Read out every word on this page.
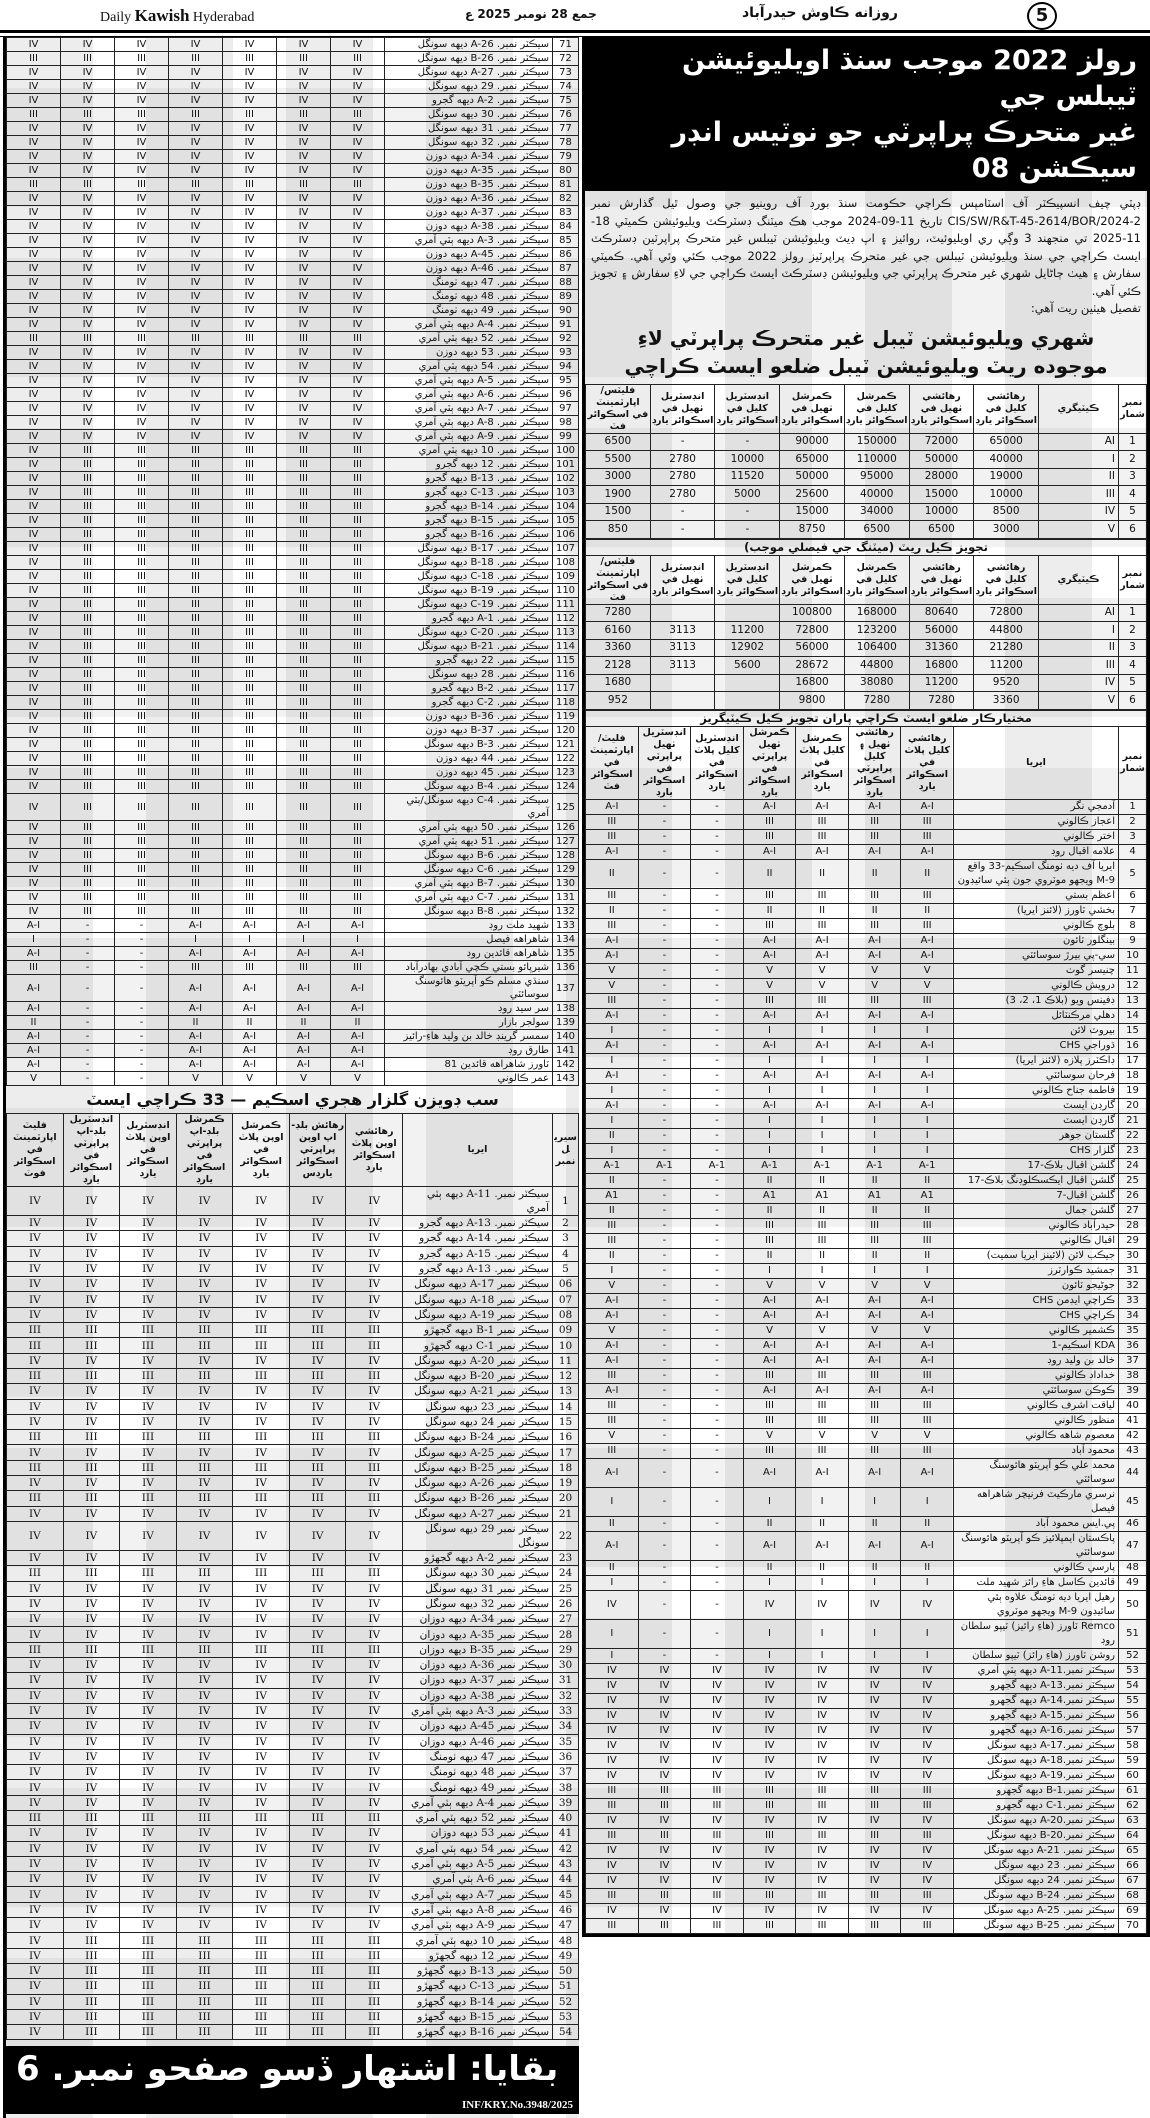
Daily Kawish Hyderabad	جمع 28 نومبر 2025 ع	روزانه ڪاوش حيدرآباد	5
71	سيڪٽر نمبر. A-26 ديهه سونگل	IV	IV	IV	IV	IV	IV	IV
72	سيڪٽر نمبر. B-26 ديهه سونگل	III	III	III	III	III	III	III
73	سيڪٽر نمبر. A-27 ديهه سونگل	IV	IV	IV	IV	IV	IV	IV
74	سيڪٽر نمبر. 29 ديهه سونگل	IV	IV	IV	IV	IV	IV	IV
75	سيڪٽر نمبر. A-2 ديهه گجرو	IV	IV	IV	IV	IV	IV	IV
76	سيڪٽر نمبر. 30 ديهه سونگل	III	III	III	III	III	III	III
77	سيڪٽر نمبر. 31 ديهه سونگل	IV	IV	IV	IV	IV	IV	IV
78	سيڪٽر نمبر. 32 ديهه سونگل	IV	IV	IV	IV	IV	IV	IV
79	سيڪٽر نمبر. A-34 ديهه دوزن	IV	IV	IV	IV	IV	IV	IV
80	سيڪٽر نمبر. A-35 ديهه دوزن	IV	IV	IV	IV	IV	IV	IV
81	سيڪٽر نمبر. B-35 ديهه دوزن	III	III	III	III	III	III	III
82	سيڪٽر نمبر. A-36 ديهه دوزن	IV	IV	IV	IV	IV	IV	IV
83	سيڪٽر نمبر. A-37 ديهه دوزن	IV	IV	IV	IV	IV	IV	IV
84	سيڪٽر نمبر. A-38 ديهه دوزن	IV	IV	IV	IV	IV	IV	IV
85	سيڪٽر نمبر. A-3 ديهه ٻٽي آمري	IV	IV	IV	IV	IV	IV	IV
86	سيڪٽر نمبر. A-45 ديهه دوزن	IV	IV	IV	IV	IV	IV	IV
87	سيڪٽر نمبر. A-46 ديهه دوزن	IV	IV	IV	IV	IV	IV	IV
88	سيڪٽر نمبر. 47 ديهه ٺومنگ	IV	IV	IV	IV	IV	IV	IV
89	سيڪٽر نمبر. 48 ديهه ٺومنگ	IV	IV	IV	IV	IV	IV	IV
90	سيڪٽر نمبر. 49 ديهه ٺومنگ	IV	IV	IV	IV	IV	IV	IV
91	سيڪٽر نمبر. A-4 ديهه ٻٽي آمري	IV	IV	IV	IV	IV	IV	IV
92	سيڪٽر نمبر. 52 ديهه ٻٽي آمري	III	III	III	III	III	III	III
93	سيڪٽر نمبر. 53 ديهه دوزن	IV	IV	IV	IV	IV	IV	IV
94	سيڪٽر نمبر. 54 ديهه ٻٽي آمري	IV	IV	IV	IV	IV	IV	IV
95	سيڪٽر نمبر. A-5 ديهه ٻٽي آمري	IV	IV	IV	IV	IV	IV	IV
96	سيڪٽر نمبر. A-6 ديهه ٻٽي آمري	IV	IV	IV	IV	IV	IV	IV
97	سيڪٽر نمبر. A-7 ديهه ٻٽي آمري	IV	IV	IV	IV	IV	IV	IV
98	سيڪٽر نمبر. A-8 ديهه ٻٽي آمري	IV	IV	IV	IV	IV	IV	IV
99	سيڪٽر نمبر. A-9 ديهه ٻٽي آمري	IV	IV	IV	IV	IV	IV	IV
100	سيڪٽر نمبر. 10 ديهه ٻٽي آمري	III	III	III	III	III	III	IV
101	سيڪٽر نمبر. 12 ديهه گجرو	III	III	III	III	III	III	IV
102	سيڪٽر نمبر. B-13 ديهه گجرو	III	III	III	III	III	III	IV
103	سيڪٽر نمبر. C-13 ديهه گجرو	III	III	III	III	III	III	IV
104	سيڪٽر نمبر. B-14 ديهه گجرو	III	III	III	III	III	III	IV
105	سيڪٽر نمبر. B-15 ديهه گجرو	III	III	III	III	III	III	IV
106	سيڪٽر نمبر. B-16 ديهه گجرو	III	III	III	III	III	III	IV
107	سيڪٽر نمبر. B-17 ديهه سونگل	III	III	III	III	III	III	IV
108	سيڪٽر نمبر. B-18 ديهه سونگل	III	III	III	III	III	III	IV
109	سيڪٽر نمبر. C-18 ديهه سونگل	III	III	III	III	III	III	IV
110	سيڪٽر نمبر. B-19 ديهه سونگل	III	III	III	III	III	III	IV
111	سيڪٽر نمبر. C-19 ديهه سونگل	III	III	III	III	III	III	IV
112	سيڪٽر نمبر. A-1 ديهه گجرو	III	III	III	III	III	III	IV
113	سيڪٽر نمبر. C-20 ديهه سونگل	III	III	III	III	III	III	IV
114	سيڪٽر نمبر. B-21 ديهه سونگل	III	III	III	III	III	III	IV
115	سيڪٽر نمبر. 22 ديهه گجرو	III	III	III	III	III	III	IV
116	سيڪٽر نمبر. 28 ديهه سونگل	III	III	III	III	III	III	IV
117	سيڪٽر نمبر. B-2 ديهه گجرو	III	III	III	III	III	III	IV
118	سيڪٽر نمبر. C-2 ديهه گجرو	III	III	III	III	III	III	IV
119	سيڪٽر نمبر. B-36 ديهه دوزن	III	III	III	III	III	III	IV
120	سيڪٽر نمبر. B-37 ديهه دوزن	III	III	III	III	III	III	IV
121	سيڪٽر نمبر. B-3 ديهه سونگل	III	III	III	III	III	III	IV
122	سيڪٽر نمبر. 44 ديهه دوزن	III	III	III	III	III	III	IV
123	سيڪٽر نمبر. 45 ديهه دوزن	III	III	III	III	III	III	IV
124	سيڪٽر نمبر. B-4 ديهه سونگل	III	III	III	III	III	III	IV
125	سيڪٽر نمبر. C-4 ديهه سونگل/ٻٽي آمري	III	III	III	III	III	III	IV
126	سيڪٽر نمبر. 50 ديهه ٻٽي آمري	III	III	III	III	III	III	IV
127	سيڪٽر نمبر. 51 ديهه ٻٽي آمري	III	III	III	III	III	III	IV
128	سيڪٽر نمبر. B-6 ديهه سونگل	III	III	III	III	III	III	IV
129	سيڪٽر نمبر. C-6 ديهه سونگل	III	III	III	III	III	III	IV
130	سيڪٽر نمبر. B-7 ديهه ٻٽي آمري	III	III	III	III	III	III	IV
131	سيڪٽر نمبر. C-7 ديهه ٻٽي آمري	III	III	III	III	III	III	IV
132	سيڪٽر نمبر. B-8 ديهه سونگل	III	III	III	III	III	III	IV
133	شهيد ملت روڊ	A-I	A-I	A-I	A-I	-	-	A-I
134	شاهراهه فيصل	I	I	I	I	-	-	I
135	شاهراهه قائدين روڊ	A-I	A-I	A-I	A-I	-	-	A-I
136	شيرپائو بستي ڪچي آبادي بهادرآباد	III	III	III	III	-	-	III
137	سنڌي مسلم ڪو آپريٽو هائوسنگ سوسائٽي	A-I	A-I	A-I	A-I	-	-	A-I
138	سر سيد روڊ	A-I	A-I	A-I	A-I	-	-	A-I
139	سولجر بازار	II	II	II	II	-	-	II
140	سمسر گرينڊ خالد بن وليد هاءِ-رائيز	A-I	A-I	A-I	A-I	-	-	A-I
141	طارق روڊ	A-I	A-I	A-I	A-I	-	-	A-I
142	ٽاورز شاهراهه قائدين 81	A-I	A-I	A-I	A-I	-	-	A-I
143	عمر ڪالوني	V	V	V	V	-	-	V
سب ڊويزن گلزار هجري اسڪيم — 33 ڪراچي ايسٽ
سيريل نمبر	ايريا	رهائشي اوپن پلاٽ اسڪوائر يارڊ	رهائش بلڊ-اپ اوپن پراپرٽي اسڪوائر يارڊس	ڪمرشل اوپن پلاٽ في اسڪوائر يارڊ	ڪمرشل بلڊ-اپ پراپرٽي في اسڪوائر يارڊ	انڊسٽريل اوپن پلاٽ في اسڪوائر يارڊ	انڊسٽريل بلڊ-اپ پراپرٽي في اسڪوائر يارڊ	فليٽ اپارٽمينٽ في اسڪوائر فوٽ
1	سيڪٽر نمبر. A-11 ديهه ٻٽي آمري	IV	IV	IV	IV	IV	IV	IV
2	سيڪٽر نمبر. A-13 ديهه گجرو	IV	IV	IV	IV	IV	IV	IV
3	سيڪٽر نمبر. A-14 ديهه گجرو	IV	IV	IV	IV	IV	IV	IV
4	سيڪٽر نمبر. A-15 ديهه گجرو	IV	IV	IV	IV	IV	IV	IV
5	سيڪٽر نمبر. A-13 ديهه گجرو	IV	IV	IV	IV	IV	IV	IV
06	سيڪٽر نمبر A-17 ديهه سونگل	IV	IV	IV	IV	IV	IV	IV
07	سيڪٽر نمبر A-18 ديهه سونگل	IV	IV	IV	IV	IV	IV	IV
08	سيڪٽر نمبر A-19 ديهه سونگل	IV	IV	IV	IV	IV	IV	IV
09	سيڪٽر نمبر B-1 ديهه گجهڙو	III	III	III	III	III	III	III
10	سيڪٽر نمبر C-1 ديهه گجهڙو	III	III	III	III	III	III	III
11	سيڪٽر نمبر A-20 ديهه سونگل	IV	IV	IV	IV	IV	IV	IV
12	سيڪٽر نمبر B-20 ديهه سونگل	III	III	III	III	III	III	III
13	سيڪٽر نمبر A-21 ديهه سونگل	IV	IV	IV	IV	IV	IV	IV
14	سيڪٽر نمبر 23 ديهه سونگل	IV	IV	IV	IV	IV	IV	IV
15	سيڪٽر نمبر 24 ديهه سونگل	IV	IV	IV	IV	IV	IV	IV
16	سيڪٽر نمبر B-24 ديهه سونگل	III	III	III	III	III	III	III
17	سيڪٽر نمبر A-25 ديهه سونگل	IV	IV	IV	IV	IV	IV	IV
18	سيڪٽر نمبر B-25 ديهه سونگل	III	III	III	III	III	III	III
19	سيڪٽر نمبر A-26 ديهه سونگل	IV	IV	IV	IV	IV	IV	IV
20	سيڪٽر نمبر B-26 ديهه سونگل	III	III	III	III	III	III	III
21	سيڪٽر نمبر A-27 ديهه سونگل	IV	IV	IV	IV	IV	IV	IV
22	سيڪٽر نمبر 29 ديهه سونگل سونگل	IV	IV	IV	IV	IV	IV	IV
23	سيڪٽر نمبر A-2 ديهه گجهڙو	IV	IV	IV	IV	IV	IV	IV
24	سيڪٽر نمبر 30 ديهه سونگل	III	III	III	III	III	III	III
25	سيڪٽر نمبر 31 ديهه سونگل	IV	IV	IV	IV	IV	IV	IV
26	سيڪٽر نمبر 32 ديهه سونگل	IV	IV	IV	IV	IV	IV	IV
27	سيڪٽر نمبر A-34 ديهه دوزان	IV	IV	IV	IV	IV	IV	IV
28	سيڪٽر نمبر A-35 ديهه دوزان	IV	IV	IV	IV	IV	IV	IV
29	سيڪٽر نمبر B-35 ديهه دوزان	III	III	III	III	III	III	III
30	سيڪٽر نمبر A-36 ديهه دوزان	IV	IV	IV	IV	IV	IV	IV
31	سيڪٽر نمبر A-37 ديهه دوزان	IV	IV	IV	IV	IV	IV	IV
32	سيڪٽر نمبر A-38 ديهه دوزان	IV	IV	IV	IV	IV	IV	IV
33	سيڪٽر نمبر A-3 ديهه ٻٽي آمري	IV	IV	IV	IV	IV	IV	IV
34	سيڪٽر نمبر A-45 ديهه دوزان	IV	IV	IV	IV	IV	IV	IV
35	سيڪٽر نمبر A-46 ديهه دوزان	IV	IV	IV	IV	IV	IV	IV
36	سيڪٽر نمبر 47 ديهه ٺومنگ	IV	IV	IV	IV	IV	IV	IV
37	سيڪٽر نمبر 48 ديهه ٺومنگ	IV	IV	IV	IV	IV	IV	IV
38	سيڪٽر نمبر 49 ديهه ٺومنگ	IV	IV	IV	IV	IV	IV	IV
39	سيڪٽر نمبر A-4 ديهه ٻٽي آمري	IV	IV	IV	IV	IV	IV	IV
40	سيڪٽر نمبر 52 ديهه ٻٽي آمري	III	III	III	III	III	III	III
41	سيڪٽر نمبر 53 ديهه دوزان	IV	IV	IV	IV	IV	IV	IV
42	سيڪٽر نمبر 54 ديهه ٻٽي آمري	IV	IV	IV	IV	IV	IV	IV
43	سيڪٽر نمبر A-5 ديهه ٻٽي آمري	IV	IV	IV	IV	IV	IV	IV
44	سيڪٽر نمبر A-6 ٻٽي آمري	IV	IV	IV	IV	IV	IV	IV
45	سيڪٽر نمبر A-7 ديهه ٻٽي آمري	IV	IV	IV	IV	IV	IV	IV
46	سيڪٽر نمبر A-8 ديهه ٻٽي آمري	IV	IV	IV	IV	IV	IV	IV
47	سيڪٽر نمبر A-9 ديهه ٻٽي آمري	IV	IV	IV	IV	IV	IV	IV
48	سيڪٽر نمبر 10 ديهه ٻٽي آمري	III	III	III	III	III	III	IV
49	سيڪٽر نمبر 12 ديهه گجهڙو	III	III	III	III	III	III	IV
50	سيڪٽر نمبر B-13 ديهه گجهڙو	III	III	III	III	III	III	IV
51	سيڪٽر نمبر C-13 ديهه گجهڙو	III	III	III	III	III	III	IV
52	سيڪٽر نمبر B-14 ديهه گجهڙو	III	III	III	III	III	III	IV
53	سيڪٽر نمبر B-15 ديهه گجهڙو	III	III	III	III	III	III	IV
54	سيڪٽر نمبر B-16 ديهه گجهڙو	III	III	III	III	III	III	IV
بقايا: اشتهار ڏسو صفحو نمبر. 6
INF/KRY.No.3948/2025
رولز 2022 موجب سنڌ اويليوئيشن ٽيبلس جي
غير متحرڪ پراپرٽي جو نوٽيس انڊر سيڪشن 08
ڊپٽي چيف انسپيڪٽر آف اسٽامپس ڪراچي حڪومت سنڌ بورڊ آف روينيو جي وصول ٿيل گذارش نمبر CIS/SW/R&T-45-2614/BOR/2024-2 تاريخ 11-09-2024 موجب هڪ ميٽنگ ڊسٽرڪٽ ويليوئيشن ڪميٽي 18-11-2025 تي منجهند 3 وڳي ري اويليوئيٽ، روائيز ۽ اپ ڊيٽ ويليوئيشن ٽيبلس غير متحرڪ پراپرٽين ڊسٽرڪٽ ايسٽ ڪراچي جي سنڌ ويليوئيشن ٽيبلس جي غير متحرڪ پراپرٽيز رولز 2022 موجب ڪئي وئي آهي. ڪميٽي سفارش ۽ هيٺ ڄاڻايل شهري غير متحرڪ پراپرٽي جي ويليوئيشن ڊسٽرڪٽ ايسٽ ڪراچي جي لاءِ سفارش ۽ تجويز ڪئي آهي.
تفصيل هيٺين ريت آهي:
شهري ويليوئيشن ٽيبل غير متحرڪ پراپرٽي لاءِ
موجوده ريٽ ويليوئيشن ٽيبل ضلعو ايسٽ ڪراچي
نمبر شمار	ڪيٽيگري	رهائشي کليل في اسڪوائر يارڊ	رهائشي ٺهيل في اسڪوائر يارڊ	ڪمرشل کليل في اسڪوائر يارڊ	ڪمرشل ٺهيل في اسڪوائر يارڊ	انڊسٽريل کليل في اسڪوائر يارڊ	انڊسٽريل ٺهيل في اسڪوائر يارڊ	فليٽس/اپارٽمينٽ في اسڪوائر فٽ
1	AI	65000	72000	150000	90000	-	-	6500
2	I	40000	50000	110000	65000	10000	2780	5500
3	II	19000	28000	95000	50000	11520	2780	3000
4	III	10000	15000	40000	25600	5000	2780	1900
5	IV	8500	10000	34000	15000	-	-	1500
6	V	3000	6500	6500	8750	-	-	850
تجويز ڪيل ريٽ (ميٽنگ جي فيصلي موجب)
نمبر شمار	ڪيٽيگري	رهائشي کليل في اسڪوائر يارڊ	رهائشي ٺهيل في اسڪوائر يارڊ	ڪمرشل کليل في اسڪوائر يارڊ	ڪمرشل ٺهيل في اسڪوائر يارڊ	انڊسٽريل کليل في اسڪوائر يارڊ	انڊسٽريل ٺهيل في اسڪوائر يارڊ	فليٽس/اپارٽمينٽ في اسڪوائر فٽ
1	AI	72800	80640	168000	100800			7280
2	I	44800	56000	123200	72800	11200	3113	6160
3	II	21280	31360	106400	56000	12902	3113	3360
4	III	11200	16800	44800	28672	5600	3113	2128
5	IV	9520	11200	38080	16800			1680
6	V	3360	7280	7280	9800			952
مختيارڪار ضلعو ايسٽ ڪراچي پاران تجويز ڪيل ڪيٽيگريز
نمبر شمار	ايريا	رهائشي کليل پلاٽ في اسڪوائر يارڊ	رهائشي ٺهيل ۽ کليل پراپرٽي اسڪوائر يارڊ	ڪمرشل کليل پلاٽ في اسڪوائر يارڊ	ڪمرشل ٺهيل پراپرٽي في اسڪوائر يارڊ	انڊسٽريل کليل پلاٽ في اسڪوائر يارڊ	انڊسٽريل ٺهيل پراپرٽي في اسڪوائر يارڊ	فليٽ/اپارٽمينٽ في اسڪوائر فٽ
1	آدمجي نگر	A-I	A-I	A-I	A-I	-	-	A-I
2	اعجاز ڪالوني	III	III	III	III	-	-	III
3	اختر ڪالوني	III	III	III	III	-	-	III
4	علامه اقبال روڊ	A-I	A-I	A-I	A-I	-	-	A-I
5	ايريا آف ديه ٺومنگ اسڪيم-33 واقع M-9 ويجهو موٽروي جون ٻئي سائيڊون	II	II	II	II	-	-	II
6	اعظم بستي	III	III	III	III	-	-	III
7	بخشي ٽاورز (لائنز ايريا)	II	II	II	II	-	-	II
8	بلوچ ڪالوني	III	III	III	III	-	-	III
9	بينگلور ٽائون	A-I	A-I	A-I	A-I	-	-	A-I
10	سي-پي بيرڙ سوسائٽي	A-I	A-I	A-I	A-I	-	-	A-I
11	چنيسر گوٺ	V	V	V	V	-	-	V
12	درويش ڪالوني	V	V	V	V	-	-	V
13	ڊفينس ويو (بلاڪ 1، 2، 3)	III	III	III	III	-	-	III
14	دهلي مرڪنٽائل	A-I	A-I	A-I	A-I	-	-	A-I
15	بيروٽ لائن	I	I	I	I	-	-	I
16	ڌوراجي CHS	A-I	A-I	A-I	A-I	-	-	A-I
17	ڊاڪٽرز پلازه (لائنز ايريا)	I	I	I	I	-	-	I
18	فرحان سوسائٽي	A-I	A-I	A-I	A-I	-	-	A-I
19	فاطمه جناح ڪالوني	I	I	I	I	-	-	I
20	گارڊن ايسٽ	A-I	A-I	A-I	A-I	-	-	A-I
21	گارڊن ايسٽ	I	I	I	I	-	-	I
22	گلستان جوهر	I	I	I	I	-	-	II
23	گلزار CHS	I	I	I	I	-	-	I
24	گلشن اقبال بلاڪ-17	A-1	A-1	A-1	A-1	A-1	A-1	A-1
25	گلشن اقبال ايڪسڪلوڊنگ بلاڪ-17	II	II	II	II	-	-	II
26	گلشن اقبال-7	A1	A1	A1	A1	-	-	A1
27	گلشن جمال	II	II	II	II	-	-	II
28	حيدرآباد ڪالوني	III	III	III	III	-	-	III
29	اقبال ڪالوني	III	III	III	III	-	-	III
30	جيڪب لائن (لائينز ايريا سميت)	II	II	II	II	-	-	II
31	جمشيد ڪوارٽرز	I	I	I	I	-	-	I
32	جوڻيجو ٽائون	V	V	V	V	-	-	V
33	ڪراچي ايڊمن CHS	A-I	A-I	A-I	A-I	-	-	A-I
34	ڪراچي CHS	A-I	A-I	A-I	A-I	-	-	A-I
35	ڪشمير ڪالوني	V	V	V	V	-	-	V
36	KDA اسڪيم-1	A-I	A-I	A-I	A-I	-	-	A-I
37	خالد بن وليد روڊ	A-I	A-I	A-I	A-I	-	-	A-I
38	خداداد ڪالوني	III	III	III	III	-	-	III
39	ڪوڪن سوسائٽي	A-I	A-I	A-I	A-I	-	-	A-I
40	لياقت اشرف ڪالوني	III	III	III	III	-	-	III
41	منظور ڪالوني	III	III	III	III	-	-	III
42	معصوم شاهه ڪالوني	V	V	V	V	-	-	V
43	محمود آباد	III	III	III	III	-	-	III
44	محمد علي ڪو آپريٽو هائوسنگ سوسائٽي	A-I	A-I	A-I	A-I	-	-	A-I
45	نرسري مارڪيٽ فرنيچر شاهراهه فيصل	I	I	I	I	-	-	I
46	پي.ايس محمود آباد	II	II	II	II	-	-	II
47	پاڪستان ايمپلائيز ڪو آپريٽو هائوسنگ سوسائٽي	A-I	A-I	A-I	A-I	-	-	A-I
48	پارسي ڪالوني	II	II	II	II	-	-	II
49	قائدين ڪاسل هاءِ رائز شهيد ملت	I	I	I	I	-	-	I
50	رهيل ايريا ديه ٺومنگ علاوه ٻئي سائيڊون M-9 ويجهو موٽروي	IV	IV	IV	IV	-	-	IV
51	Remco ٽاورز (هاءِ رائيز) ٽيپو سلطان روڊ	I	I	I	I	-	-	I
52	روشن ٽاورز (هاءِ رائز) ٽيپو سلطان	I	I	I	I	-	-	I
53	سيڪٽر نمبر.A-11 ديهه ٻٽي آمري	IV	IV	IV	IV	IV	IV	IV
54	سيڪٽر نمبر.A-13 ديهه گجهرو	IV	IV	IV	IV	IV	IV	IV
55	سيڪٽر نمبر.A-14 ديهه گجهرو	IV	IV	IV	IV	IV	IV	IV
56	سيڪٽر نمبر.A-15 ديهه گجهرو	IV	IV	IV	IV	IV	IV	IV
57	سيڪٽر نمبر.A-16 ديهه گجهرو	IV	IV	IV	IV	IV	IV	IV
58	سيڪٽر نمبر.A-17 ديهه سونگل	IV	IV	IV	IV	IV	IV	IV
59	سيڪٽر نمبر.A-18 ديهه سونگل	IV	IV	IV	IV	IV	IV	IV
60	سيڪٽر نمبر.A-19 ديهه سونگل	IV	IV	IV	IV	IV	IV	IV
61	سيڪٽر نمبر.B-1 ديهه گجهرو	III	III	III	III	III	III	III
62	سيڪٽر نمبر.C-1 ديهه گجهرو	III	III	III	III	III	III	III
63	سيڪٽر نمبر.A-20 ديهه سونگل	IV	IV	IV	IV	IV	IV	IV
64	سيڪٽر نمبر.B-20 ديهه سونگل	III	III	III	III	III	III	III
65	سيڪٽر نمبر. A-21 ديهه سونگل	IV	IV	IV	IV	IV	IV	IV
66	سيڪٽر نمبر. 23 ديهه سونگل	IV	IV	IV	IV	IV	IV	IV
67	سيڪٽر نمبر. 24 ديهه سونگل	IV	IV	IV	IV	IV	IV	IV
68	سيڪٽر نمبر. B-24 ديهه سونگل	III	III	III	III	III	III	III
69	سيڪٽر نمبر. A-25 ديهه سونگل	IV	IV	IV	IV	IV	IV	IV
70	سيڪٽر نمبر. B-25 ديهه سونگل	III	III	III	III	III	III	III
